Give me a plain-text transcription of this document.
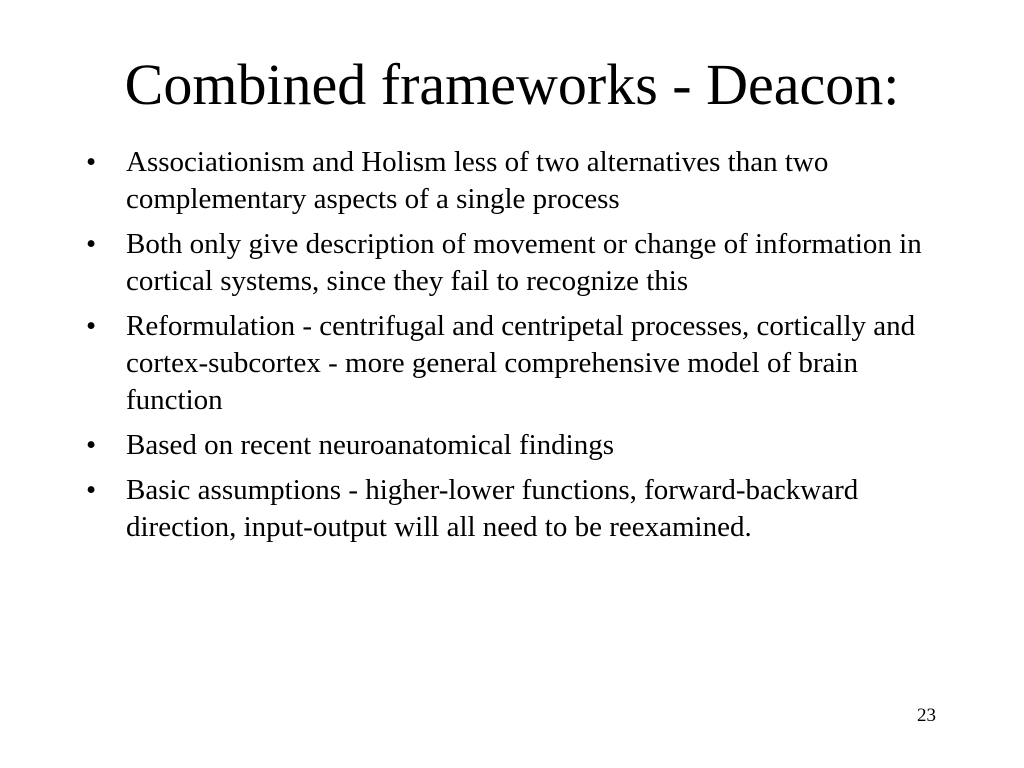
Combined frameworks - Deacon:
• Associationism and Holism less of two alternatives than two complementary aspects of a single process
• Both only give description of movement or change of information in cortical systems, since they fail to recognize this
• Reformulation - centrifugal and centripetal processes, cortically and cortex-subcortex - more general comprehensive model of brain function
• Based on recent neuroanatomical findings
• Basic assumptions - higher-lower functions, forward-backward direction, input-output will all need to be reexamined.
23
